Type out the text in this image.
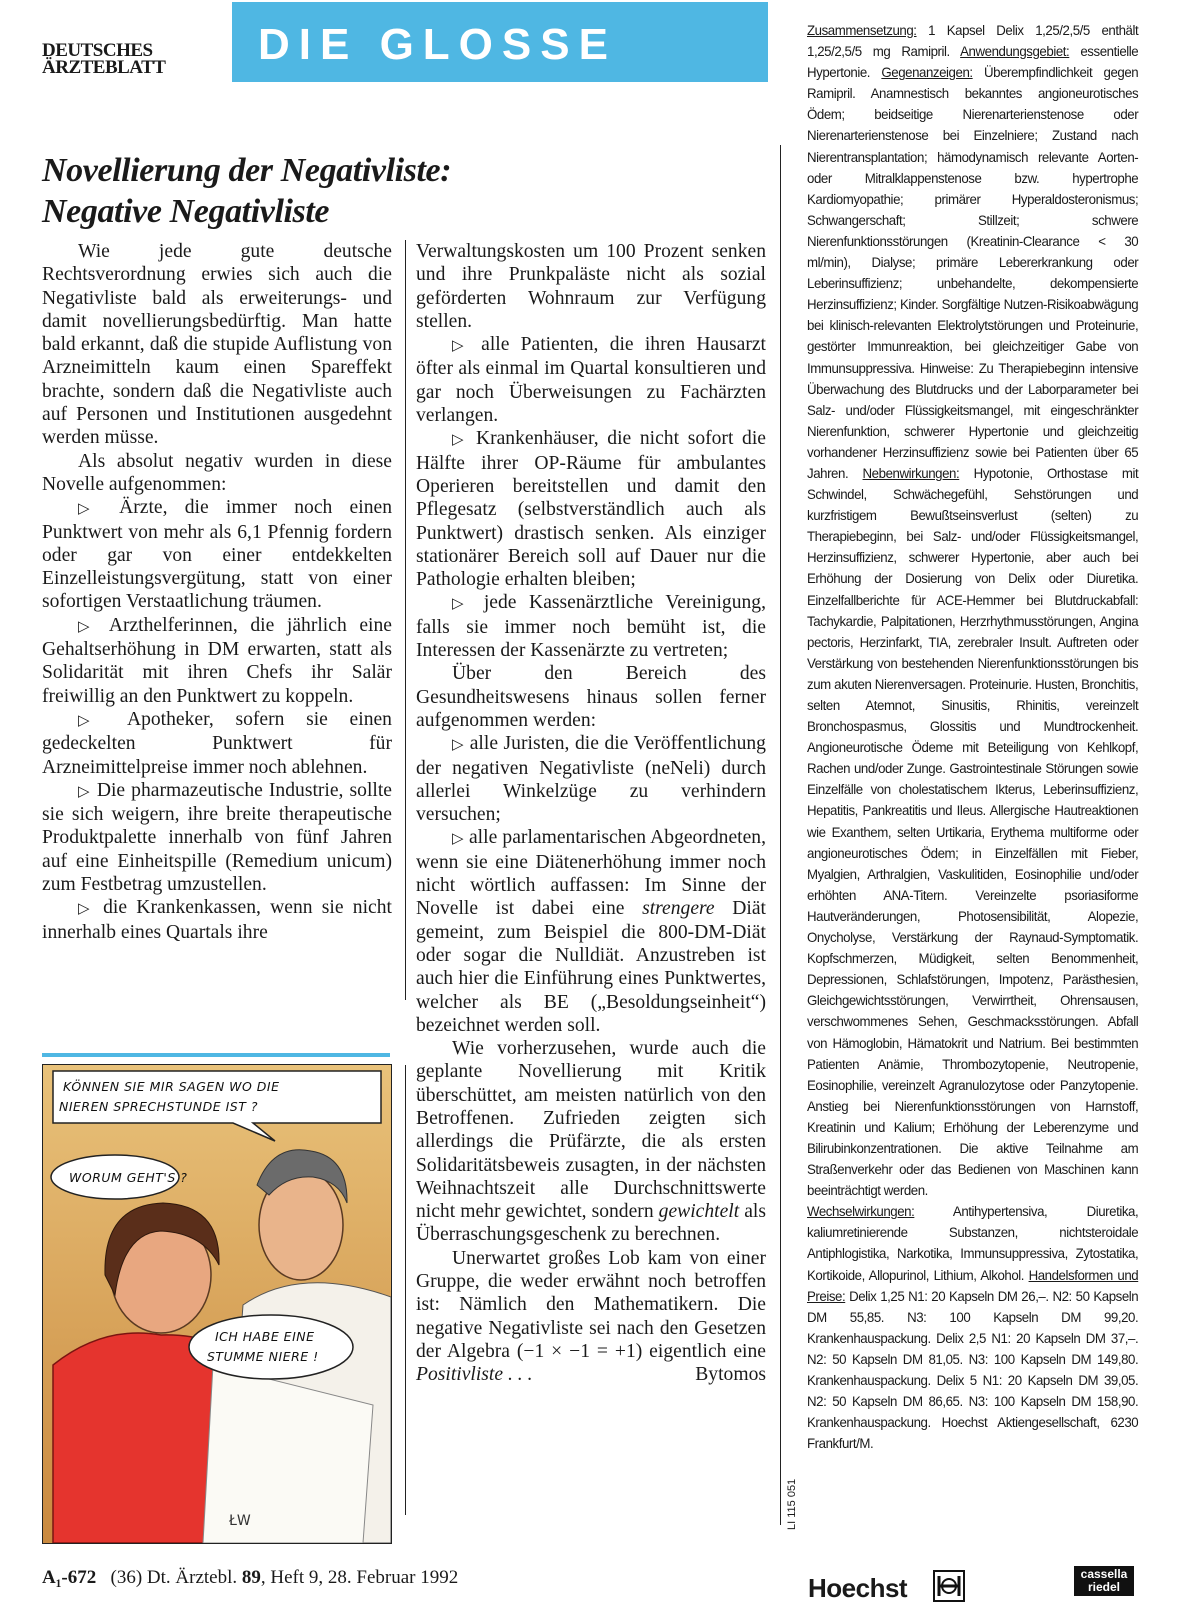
DEUTSCHES
ÄRZTEBLATT	DIE GLOSSE
Novellierung der Negativliste:
Negative Negativliste

Wie jede gute deutsche Rechtsverordnung erwies sich auch die Negativliste bald als erweiterungs- und damit novellierungsbedürftig. Man hatte bald erkannt, daß die stupide Auflistung von Arzneimitteln kaum einen Spareffekt brachte, sondern daß die Negativliste auch auf Personen und Institutionen ausgedehnt werden müsse.

Als absolut negativ wurden in diese Novelle aufgenommen:

▷ Ärzte, die immer noch einen Punktwert von mehr als 6,1 Pfennig fordern oder gar von einer entdekkelten Einzelleistungsvergütung, statt von einer sofortigen Verstaatlichung träumen.

▷ Arzthelferinnen, die jährlich eine Gehaltserhöhung in DM erwarten, statt als Solidarität mit ihren Chefs ihr Salär freiwillig an den Punktwert zu koppeln.

▷ Apotheker, sofern sie einen gedeckelten Punktwert für Arzneimittelpreise immer noch ablehnen.

▷ Die pharmazeutische Industrie, sollte sie sich weigern, ihre breite therapeutische Produktpalette innerhalb von fünf Jahren auf eine Einheitspille (Remedium unicum) zum Festbetrag umzustellen.

▷ die Krankenkassen, wenn sie nicht innerhalb eines Quartals ihre

Verwaltungskosten um 100 Prozent senken und ihre Prunkpaläste nicht als sozial geförderten Wohnraum zur Verfügung stellen.

▷ alle Patienten, die ihren Hausarzt öfter als einmal im Quartal konsultieren und gar noch Überweisungen zu Fachärzten verlangen.

▷ Krankenhäuser, die nicht sofort die Hälfte ihrer OP-Räume für ambulantes Operieren bereitstellen und damit den Pflegesatz (selbstverständlich auch als Punktwert) drastisch senken. Als einziger stationärer Bereich soll auf Dauer nur die Pathologie erhalten bleiben;

▷ jede Kassenärztliche Vereinigung, falls sie immer noch bemüht ist, die Interessen der Kassenärzte zu vertreten;

Über den Bereich des Gesundheitswesens hinaus sollen ferner aufgenommen werden:

▷ alle Juristen, die die Veröffentlichung der negativen Negativliste (neNeli) durch allerlei Winkelzüge zu verhindern versuchen;

▷ alle parlamentarischen Abgeordneten, wenn sie eine Diätenerhöhung immer noch nicht wörtlich auffassen: Im Sinne der Novelle ist dabei eine strengere Diät gemeint, zum Beispiel die 800-DM-Diät oder sogar die Nulldiät. Anzustreben ist auch hier die Einführung eines Punktwertes, welcher als BE („Besoldungseinheit“) bezeichnet werden soll.

Wie vorherzusehen, wurde auch die geplante Novellierung mit Kritik überschüttet, am meisten natürlich von den Betroffenen. Zufrieden zeigten sich allerdings die Prüfärzte, die als ersten Solidaritätsbeweis zusagten, in der nächsten Weihnachtszeit alle Durchschnittswerte nicht mehr gewichtet, sondern gewichtelt als Überraschungsgeschenk zu berechnen.

Unerwartet großes Lob kam von einer Gruppe, die weder erwähnt noch betroffen ist: Nämlich den Mathematikern. Die negative Negativliste sei nach den Gesetzen der Algebra (−1 × −1 = +1) eigentlich eine Positivliste . . .	Bytomos

KÖNNEN SIE MIR SAGEN WO DIE
NIEREN SPRECHSTUNDE IST ?
WORUM GEHT'S ?
ICH HABE EINE
STUMME NIERE !
ŁW

Zusammensetzung: 1 Kapsel Delix 1,25/2,5/5 enthält 1,25/2,5/5 mg Ramipril. Anwendungsgebiet: essentielle Hypertonie. Gegenanzeigen: Überempfindlichkeit gegen Ramipril. Anamnestisch bekanntes angioneurotisches Ödem; beidseitige Nierenarterienstenose oder Nierenarterienstenose bei Einzelniere; Zustand nach Nierentransplantation; hämodynamisch relevante Aorten- oder Mitralklappenstenose bzw. hypertrophe Kardiomyopathie; primärer Hyperaldosteronismus; Schwangerschaft; Stillzeit; schwere Nierenfunktionsstörungen (Kreatinin-Clearance < 30 ml/min), Dialyse; primäre Lebererkrankung oder Leberinsuffizienz; unbehandelte, dekompensierte Herzinsuffizienz; Kinder. Sorgfältige Nutzen-Risikoabwägung bei klinisch-relevanten Elektrolytstörungen und Proteinurie, gestörter Immunreaktion, bei gleichzeitiger Gabe von Immunsuppressiva. Hinweise: Zu Therapiebeginn intensive Überwachung des Blutdrucks und der Laborparameter bei Salz- und/oder Flüssigkeitsmangel, mit eingeschränkter Nierenfunktion, schwerer Hypertonie und gleichzeitig vorhandener Herzinsuffizienz sowie bei Patienten über 65 Jahren. Nebenwirkungen: Hypotonie, Orthostase mit Schwindel, Schwächegefühl, Sehstörungen und kurzfristigem Bewußtseinsverlust (selten) zu Therapiebeginn, bei Salz- und/oder Flüssigkeitsmangel, Herzinsuffizienz, schwerer Hypertonie, aber auch bei Erhöhung der Dosierung von Delix oder Diuretika. Einzelfallberichte für ACE-Hemmer bei Blutdruckabfall: Tachykardie, Palpitationen, Herzrhythmusstörungen, Angina pectoris, Herzinfarkt, TIA, zerebraler Insult. Auftreten oder Verstärkung von bestehenden Nierenfunktionsstörungen bis zum akuten Nierenversagen. Proteinurie. Husten, Bronchitis, selten Atemnot, Sinusitis, Rhinitis, vereinzelt Bronchospasmus, Glossitis und Mundtrockenheit. Angioneurotische Ödeme mit Beteiligung von Kehlkopf, Rachen und/oder Zunge. Gastrointestinale Störungen sowie Einzelfälle von cholestatischem Ikterus, Leberinsuffizienz, Hepatitis, Pankreatitis und Ileus. Allergische Hautreaktionen wie Exanthem, selten Urtikaria, Erythema multiforme oder angioneurotisches Ödem; in Einzelfällen mit Fieber, Myalgien, Arthralgien, Vaskulitiden, Eosinophilie und/oder erhöhten ANA-Titern. Vereinzelte psoriasiforme Hautveränderungen, Photosensibilität, Alopezie, Onycholyse, Verstärkung der Raynaud-Symptomatik. Kopfschmerzen, Müdigkeit, selten Benommenheit, Depressionen, Schlafstörungen, Impotenz, Parästhesien, Gleichgewichtsstörungen, Verwirrtheit, Ohrensausen, verschwommenes Sehen, Geschmacksstörungen. Abfall von Hämoglobin, Hämatokrit und Natrium. Bei bestimmten Patienten Anämie, Thrombozytopenie, Neutropenie, Eosinophilie, vereinzelt Agranulozytose oder Panzytopenie. Anstieg bei Nierenfunktionsstörungen von Harnstoff, Kreatinin und Kalium; Erhöhung der Leberenzyme und Bilirubinkonzentrationen. Die aktive Teilnahme am Straßenverkehr oder das Bedienen von Maschinen kann beeinträchtigt werden.
Wechselwirkungen: Antihypertensiva, Diuretika, kaliumretinierende Substanzen, nichtsteroidale Antiphlogistika, Narkotika, Immunsuppressiva, Zytostatika, Kortikoide, Allopurinol, Lithium, Alkohol. Handelsformen und Preise: Delix 1,25 N1: 20 Kapseln DM 26,–. N2: 50 Kapseln DM 55,85. N3: 100 Kapseln DM 99,20. Krankenhauspackung. Delix 2,5 N1: 20 Kapseln DM 37,–. N2: 50 Kapseln DM 81,05. N3: 100 Kapseln DM 149,80. Krankenhauspackung. Delix 5 N1: 20 Kapseln DM 39,05. N2: 50 Kapseln DM 86,65. N3: 100 Kapseln DM 158,90. Krankenhauspackung. Hoechst Aktiengesellschaft, 6230 Frankfurt/M.

A₁-672 (36) Dt. Ärztebl. 89, Heft 9, 28. Februar 1992
LI 115 051
Hoechst	cassella
riedel
